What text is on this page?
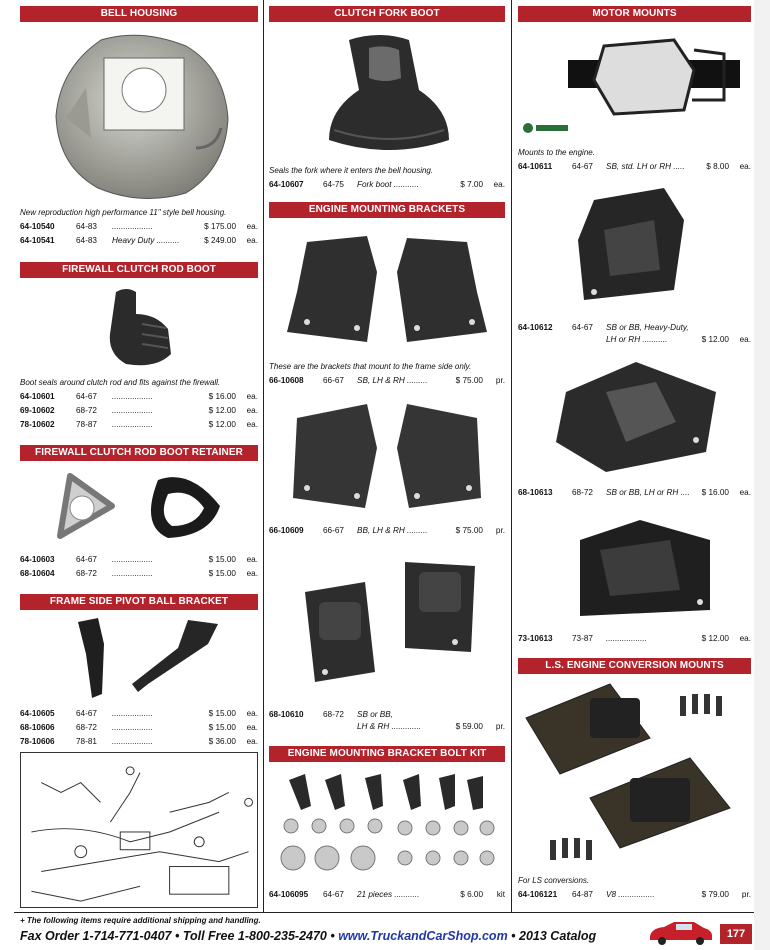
BELL HOUSING
New reproduction high performance 11" style bell housing.
64-10540	64-83 ..................	$ 175.00 ea.
64-10541	64-83 Heavy Duty ..........	$ 249.00 ea.
FIREWALL CLUTCH ROD BOOT
Boot seals around clutch rod and fits against the firewall.
64-10601	64-67 ..................	$ 16.00 ea.
69-10602	68-72 ..................	$ 12.00 ea.
78-10602	78-87 ..................	$ 12.00 ea.
FIREWALL CLUTCH ROD BOOT RETAINER
64-10603	64-67 ..................	$ 15.00 ea.
68-10604	68-72 ..................	$ 15.00 ea.
FRAME SIDE PIVOT BALL BRACKET
64-10605	64-67 ..................	$ 15.00 ea.
68-10606	68-72 ..................	$ 15.00 ea.
78-10606	78-81 ..................	$ 36.00 ea.
CLUTCH FORK BOOT
Seals the fork where it enters the bell housing.
64-10607 64-75 Fork boot ...........	$ 7.00 ea.
ENGINE MOUNTING BRACKETS
These are the brackets that mount to the frame side only.
66-10608 66-67 SB, LH & RH .........	$ 75.00 pr.
66-10609 66-67 BB, LH & RH .........	$ 75.00 pr.
68-10610 68-72 SB or BB,
LH & RH .............	$ 59.00 pr.
ENGINE MOUNTING BRACKET BOLT KIT
64-106095 64-67 21 pieces ...........	$ 6.00 kit
MOTOR MOUNTS
Mounts to the engine.
64-10611 64-67 SB, std. LH or RH .....	$ 8.00 ea.
64-10612 64-67 SB or BB, Heavy-Duty,
LH or RH ...........	$ 12.00 ea.
68-10613 68-72 SB or BB, LH or RH .... $ 16.00 ea.
73-10613 73-87 ..................	$ 12.00 ea.
L.S. ENGINE CONVERSION MOUNTS
For LS conversions.
64-106121 64-87 V8 ................	$ 79.00 pr.
+ The following items require additional shipping and handling.
Fax Order 1-714-771-0407 • Toll Free 1-800-235-2470 • www.TruckandCarShop.com • 2013 Catalog	177
